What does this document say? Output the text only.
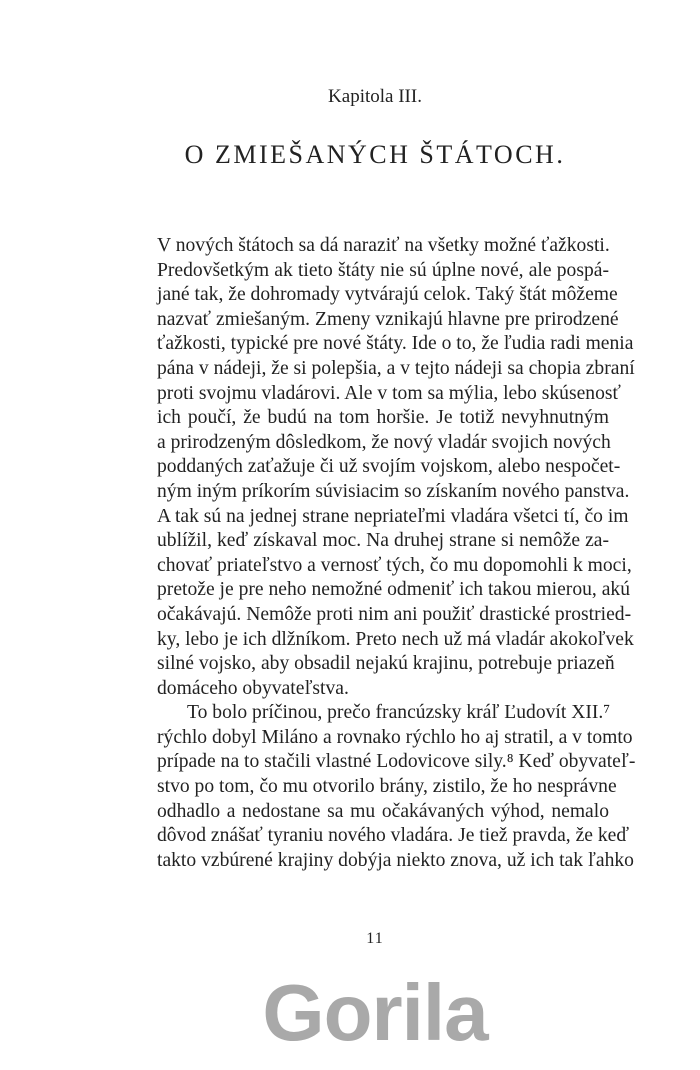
Kapitola III.
O ZMIEŠANÝCH ŠTÁTOCH.
V nových štátoch sa dá naraziť na všetky možné ťažkosti.
Predovšetkým ak tieto štáty nie sú úplne nové, ale pospá-
jané tak, že dohromady vytvárajú celok. Taký štát môžeme
nazvať zmiešaným. Zmeny vznikajú hlavne pre prirodzené
ťažkosti, typické pre nové štáty. Ide o to, že ľudia radi menia
pána v nádeji, že si polepšia, a v tejto nádeji sa chopia zbraní
proti svojmu vladárovi. Ale v tom sa mýlia, lebo skúsenosť
ich poučí, že budú na tom horšie. Je totiž nevyhnutným
a prirodzeným dôsledkom, že nový vladár svojich nových
poddaných zaťažuje či už svojím vojskom, alebo nespočet-
ným iným príkorím súvisiacim so získaním nového panstva.
A tak sú na jednej strane nepriateľmi vladára všetci tí, čo im
ublížil, keď získaval moc. Na druhej strane si nemôže za-
chovať priateľstvo a vernosť tých, čo mu dopomohli k moci,
pretože je pre neho nemožné odmeniť ich takou mierou, akú
očakávajú. Nemôže proti nim ani použiť drastické prostried-
ky, lebo je ich dlžníkom. Preto nech už má vladár akokoľvek
silné vojsko, aby obsadil nejakú krajinu, potrebuje priazeň
domáceho obyvateľstva.
To bolo príčinou, prečo francúzsky kráľ Ľudovít XII.⁷
rýchlo dobyl Miláno a rovnako rýchlo ho aj stratil, a v tomto
prípade na to stačili vlastné Lodovicove sily.⁸ Keď obyvateľ-
stvo po tom, čo mu otvorilo brány, zistilo, že ho nesprávne
odhadlo a nedostane sa mu očakávaných výhod, nemalo
dôvod znášať tyraniu nového vladára. Je tiež pravda, že keď
takto vzbúrené krajiny dobýja niekto znova, už ich tak ľahko
11
Gorila
